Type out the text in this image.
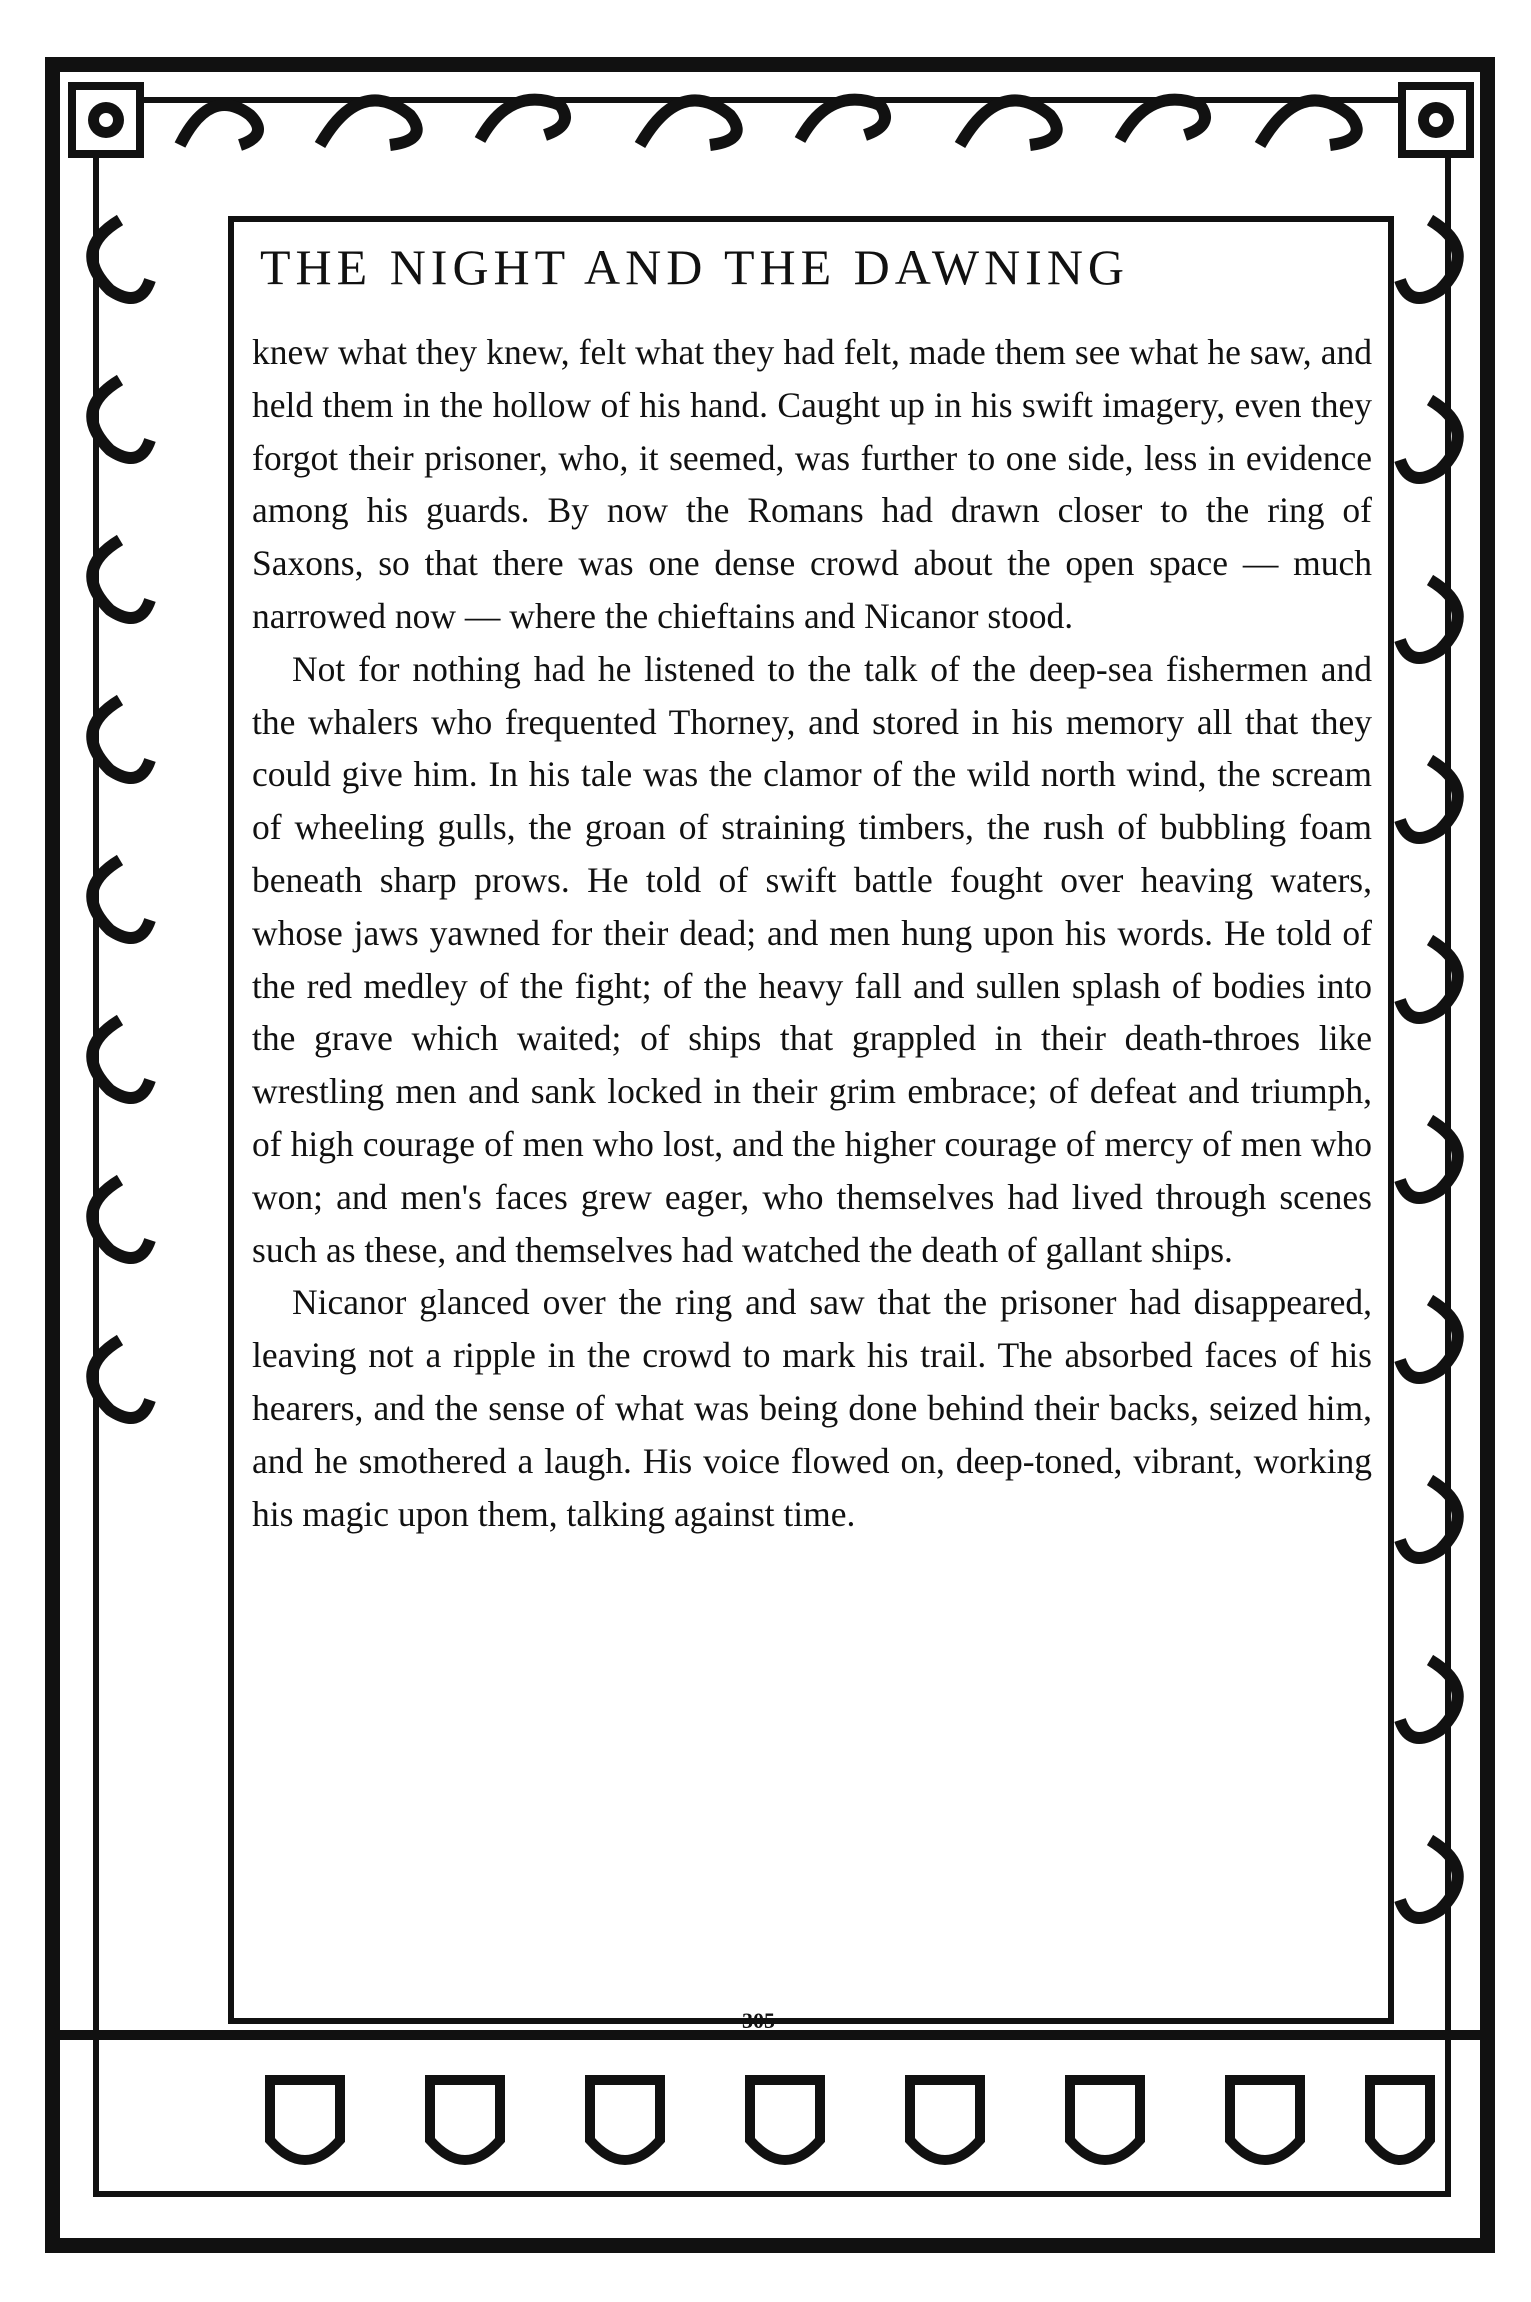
THE NIGHT AND THE DAWNING

knew what they knew, felt what they had felt, made them see what he saw, and held them in the hollow of his hand. Caught up in his swift imagery, even they forgot their prisoner, who, it seemed, was further to one side, less in evidence among his guards. By now the Romans had drawn closer to the ring of Saxons, so that there was one dense crowd about the open space — much narrowed now — where the chieftains and Nicanor stood.

Not for nothing had he listened to the talk of the deep-sea fishermen and the whalers who frequented Thorney, and stored in his memory all that they could give him. In his tale was the clamor of the wild north wind, the scream of wheeling gulls, the groan of straining timbers, the rush of bubbling foam beneath sharp prows. He told of swift battle fought over heaving waters, whose jaws yawned for their dead; and men hung upon his words. He told of the red medley of the fight; of the heavy fall and sullen splash of bodies into the grave which waited; of ships that grappled in their death-throes like wrestling men and sank locked in their grim embrace; of defeat and triumph, of high courage of men who lost, and the higher courage of mercy of men who won; and men's faces grew eager, who themselves had lived through scenes such as these, and themselves had watched the death of gallant ships.

Nicanor glanced over the ring and saw that the prisoner had disappeared, leaving not a ripple in the crowd to mark his trail. The absorbed faces of his hearers, and the sense of what was being done behind their backs, seized him, and he smothered a laugh. His voice flowed on, deep-toned, vibrant, working his magic upon them, talking against time.

305
